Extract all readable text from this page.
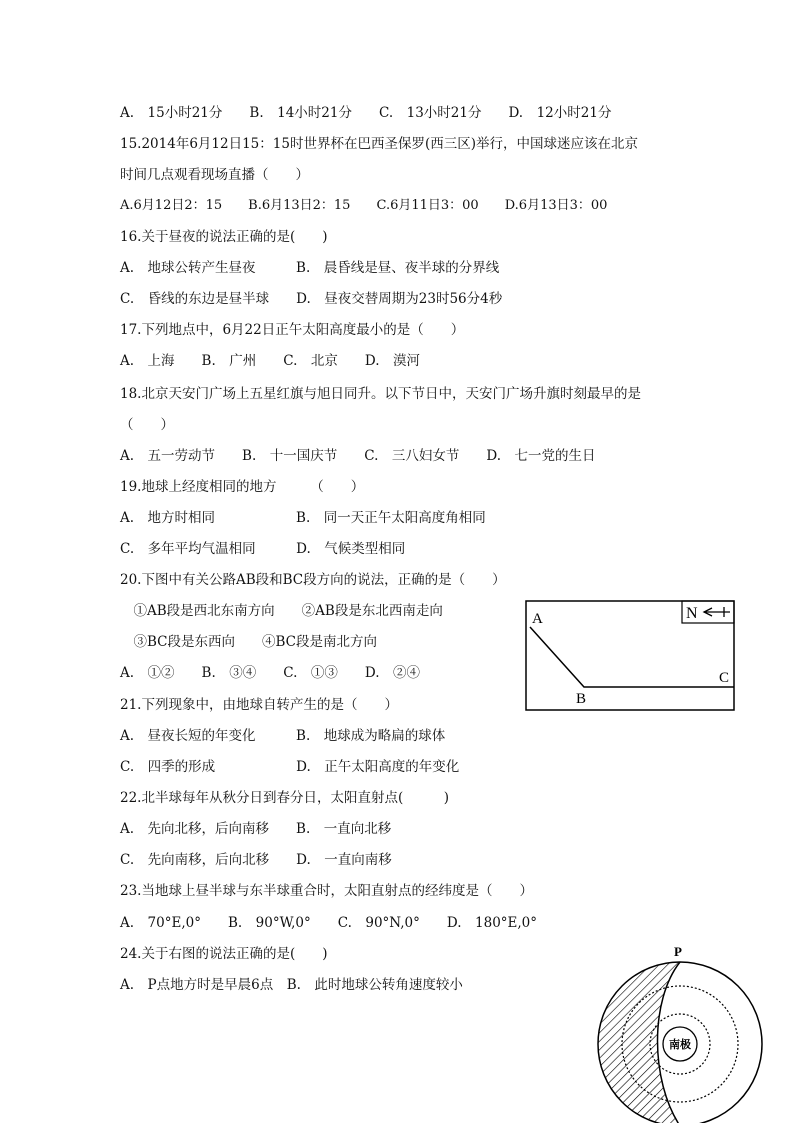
A.　15小时21分　　B.　14小时21分　　C.　13小时21分　　D.　12小时21分
15.2014年6月12日15：15时世界杯在巴西圣保罗(西三区)举行，中国球迷应该在北京
时间几点观看现场直播（　　）
A.6月12日2：15　　B.6月13日2：15　　C.6月11日3：00　　D.6月13日3：00
16.关于昼夜的说法正确的是(　　)
A.　地球公转产生昼夜　　　B.　晨昏线是昼、夜半球的分界线
C.　昏线的东边是昼半球　　D.　昼夜交替周期为23时56分4秒
17.下列地点中，6月22日正午太阳高度最小的是（　　）
A.　上海　　B.　广州　　C.　北京　　D.　漠河
18.北京天安门广场上五星红旗与旭日同升。以下节日中，天安门广场升旗时刻最早的是
（　　）
A.　五一劳动节　　B.　十一国庆节　　C.　三八妇女节　　D.　七一党的生日
19.地球上经度相同的地方　　　（　　）
A.　地方时相同　　　　　　B.　同一天正午太阳高度角相同
C.　多年平均气温相同　　　D.　气候类型相同
20.下图中有关公路AB段和BC段方向的说法，正确的是（　　）
　①AB段是西北东南方向　　②AB段是东北西南走向
　③BC段是东西向　　④BC段是南北方向
A.　①②　　B.　③④　　C.　①③　　D.　②④
21.下列现象中，由地球自转产生的是（　　）
A.　昼夜长短的年变化　　　B.　地球成为略扁的球体
C.　四季的形成　　　　　　D.　正午太阳高度的年变化
22.北半球每年从秋分日到春分日，太阳直射点(　　　)
A.　先向北移，后向南移　　B.　一直向北移
C.　先向南移，后向北移　　D.　一直向南移
23.当地球上昼半球与东半球重合时，太阳直射点的经纬度是（　　）
A.　70°E,0°　　B.　90°W,0°　　C.　90°N,0°　　D.　180°E,0°
24.关于右图的说法正确的是(　　)
A.　P点地方时是早晨6点　B.　此时地球公转角速度较小
N
A
B
C
南极
P
